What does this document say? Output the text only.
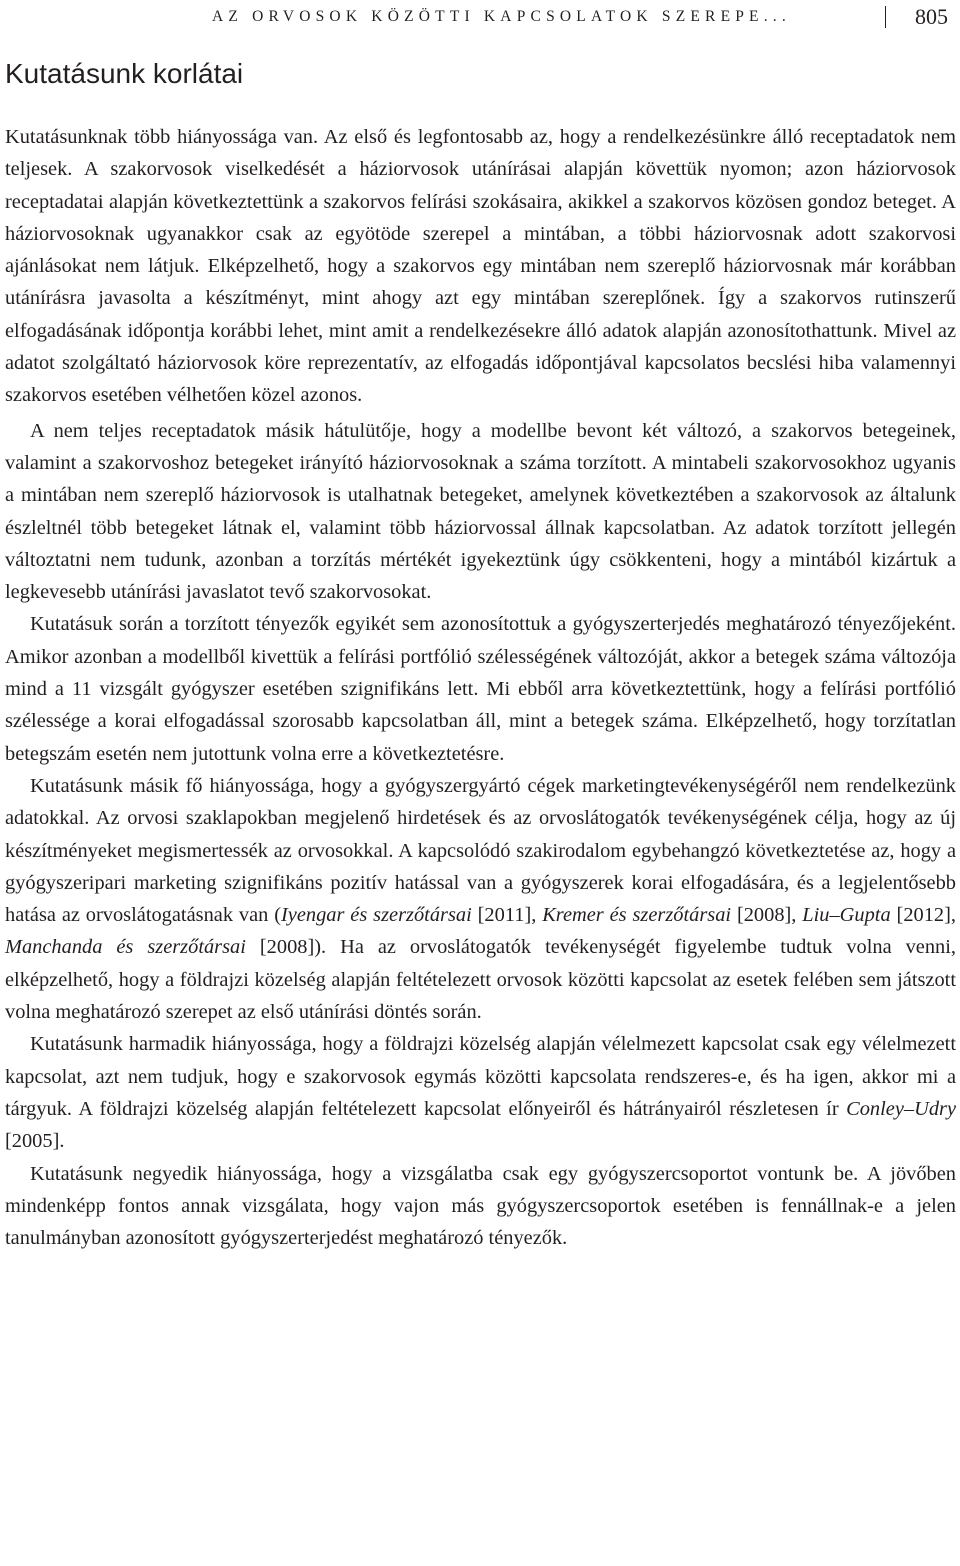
AZ ORVOSOK KÖZÖTTI KAPCSOLATOK SZEREPE...	805
Kutatásunk korlátai

Kutatásunknak több hiányossága van. Az első és legfontosabb az, hogy a rendelkezésünkre álló receptadatok nem teljesek. A szakorvosok viselkedését a háziorvosok utánírásai alapján követtük nyomon; azon háziorvosok receptadatai alapján következtettünk a szakorvos felírási szokásaira, akikkel a szakorvos közösen gondoz beteget. A háziorvosoknak ugyanakkor csak az egyötöde szerepel a mintában, a többi háziorvosnak adott szakorvosi ajánlásokat nem látjuk. Elképzelhető, hogy a szakorvos egy mintában nem szereplő háziorvosnak már korábban utánírásra javasolta a készítményt, mint ahogy azt egy mintában szereplőnek. Így a szakorvos rutinszerű elfogadásának időpontja korábbi lehet, mint amit a rendelkezésekre álló adatok alapján azonosítothattunk. Mivel az adatot szolgáltató háziorvosok köre reprezentatív, az elfogadás időpontjával kapcsolatos becslési hiba valamennyi szakorvos esetében vélhetően közel azonos.

A nem teljes receptadatok másik hátulütője, hogy a modellbe bevont két változó, a szakorvos betegeinek, valamint a szakorvoshoz betegeket irányító háziorvosoknak a száma torzított. A mintabeli szakorvosokhoz ugyanis a mintában nem szereplő háziorvosok is utalhatnak betegeket, amelynek következtében a szakorvosok az általunk észleltnél több betegeket látnak el, valamint több háziorvossal állnak kapcsolatban. Az adatok torzított jellegén változtatni nem tudunk, azonban a torzítás mértékét igyekeztünk úgy csökkenteni, hogy a mintából kizártuk a legkevesebb utánírási javaslatot tevő szakorvosokat.

Kutatásuk során a torzított tényezők egyikét sem azonosítottuk a gyógyszerterjedés meghatározó tényezőjeként. Amikor azonban a modellből kivettük a felírási portfólió szélességének változóját, akkor a betegek száma változója mind a 11 vizsgált gyógyszer esetében szignifikáns lett. Mi ebből arra következtettünk, hogy a felírási portfólió szélessége a korai elfogadással szorosabb kapcsolatban áll, mint a betegek száma. Elképzelhető, hogy torzítatlan betegszám esetén nem jutottunk volna erre a következtetésre.

Kutatásunk másik fő hiányossága, hogy a gyógyszergyártó cégek marketingtevékenységéről nem rendelkezünk adatokkal. Az orvosi szaklapokban megjelenő hirdetések és az orvoslátogatók tevékenységének célja, hogy az új készítményeket megismertessék az orvosokkal. A kapcsolódó szakirodalom egybehangzó következtetése az, hogy a gyógyszeripari marketing szignifikáns pozitív hatással van a gyógyszerek korai elfogadására, és a legjelentősebb hatása az orvoslátogatásnak van (Iyengar és szerzőtársai [2011], Kremer és szerzőtársai [2008], Liu–Gupta [2012], Manchanda és szerzőtársai [2008]). Ha az orvoslátogatók tevékenységét figyelembe tudtuk volna venni, elképzelhető, hogy a földrajzi közelség alapján feltételezett orvosok közötti kapcsolat az esetek felében sem játszott volna meghatározó szerepet az első utánírási döntés során.

Kutatásunk harmadik hiányossága, hogy a földrajzi közelség alapján vélelmezett kapcsolat csak egy vélelmezett kapcsolat, azt nem tudjuk, hogy e szakorvosok egymás közötti kapcsolata rendszeres-e, és ha igen, akkor mi a tárgyuk. A földrajzi közelség alapján feltételezett kapcsolat előnyeiről és hátrányairól részletesen ír Conley–Udry [2005].

Kutatásunk negyedik hiányossága, hogy a vizsgálatba csak egy gyógyszercsoportot vontunk be. A jövőben mindenképp fontos annak vizsgálata, hogy vajon más gyógyszercsoportok esetében is fennállnak-e a jelen tanulmányban azonosított gyógyszerterjedést meghatározó tényezők.
